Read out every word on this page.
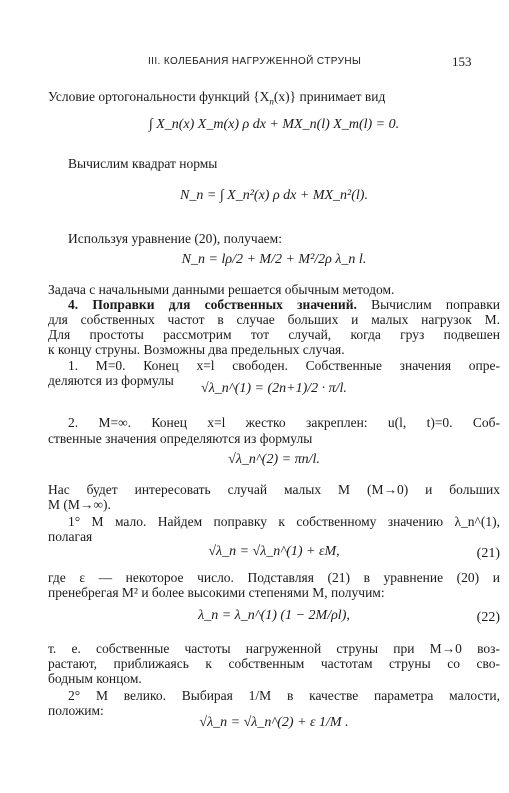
III. КОЛЕБАНИЯ НАГРУЖЕННОЙ СТРУНЫ	153
Условие ортогональности функций $\{X_n(x)\}$ принимает вид
∫ X_n(x) X_m(x) ρ dx + MX_n(l) X_m(l) = 0.
Вычислим квадрат нормы
N_n = ∫ X_n²(x) ρ dx + MX_n²(l).
Используя уравнение (20), получаем:
N_n = lρ/2 + M/2 + M²/2ρ λ_n l.
Задача с начальными данными решается обычным методом.
4. Поправки для собственных значений. Вычислим поправки
для собственных частот в случае больших и малых нагрузок M.
Для простоты рассмотрим тот случай, когда груз подвешен
к концу струны. Возможны два предельных случая.
1. M=0. Конец x=l свободен. Собственные значения опре-
деляются из формулы
√λ_n^(1) = (2n+1)/2 · π/l.
2. M=∞. Конец x=l жестко закреплен: u(l, t)=0. Соб-
ственные значения определяются из формулы
√λ_n^(2) = πn/l.
Нас будет интересовать случай малых M (M→0) и больших
M (M→∞).
1° M мало. Найдем поправку к собственному значению λ_n^(1),
полагая
√λ_n = √λ_n^(1) + εM,	(21)
где ε — некоторое число. Подставляя (21) в уравнение (20) и
пренебрегая M² и более высокими степенями M, получим:
λ_n = λ_n^(1) (1 − 2M/ρl),	(22)
т. е. собственные частоты нагруженной струны при M→0 воз-
растают, приближаясь к собственным частотам струны со сво-
бодным концом.
2° M велико. Выбирая 1/M в качестве параметра малости,
положим:
√λ_n = √λ_n^(2) + ε 1/M .
